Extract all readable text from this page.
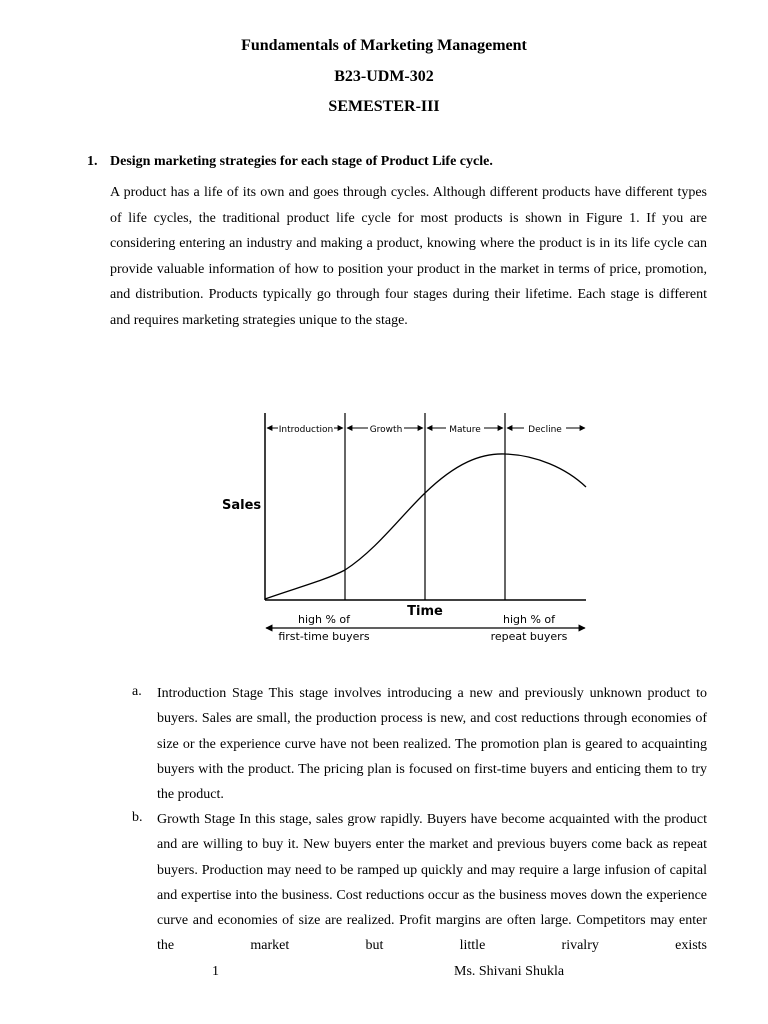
Fundamentals of Marketing Management
B23-UDM-302
SEMESTER-III
1. Design marketing strategies for each stage of Product Life cycle.
A product has a life of its own and goes through cycles. Although different products have different types of life cycles, the traditional product life cycle for most products is shown in Figure 1. If you are considering entering an industry and making a product, knowing where the product is in its life cycle can provide valuable information of how to position your product in the market in terms of price, promotion, and distribution. Products typically go through four stages during their lifetime. Each stage is different and requires marketing strategies unique to the stage.
Introduction	Growth	Mature	Decline
Sales
Time
high % of
first-time buyers
high % of
repeat buyers
a. Introduction Stage This stage involves introducing a new and previously unknown product to buyers. Sales are small, the production process is new, and cost reductions through economies of size or the experience curve have not been realized. The promotion plan is geared to acquainting buyers with the product. The pricing plan is focused on first-time buyers and enticing them to try the product.
b. Growth Stage In this stage, sales grow rapidly. Buyers have become acquainted with the product and are willing to buy it. New buyers enter the market and previous buyers come back as repeat buyers. Production may need to be ramped up quickly and may require a large infusion of capital and expertise into the business. Cost reductions occur as the business moves down the experience curve and economies of size are realized. Profit margins are often large. Competitors may enter the market but little rivalry exists
1	Ms. Shivani Shukla
